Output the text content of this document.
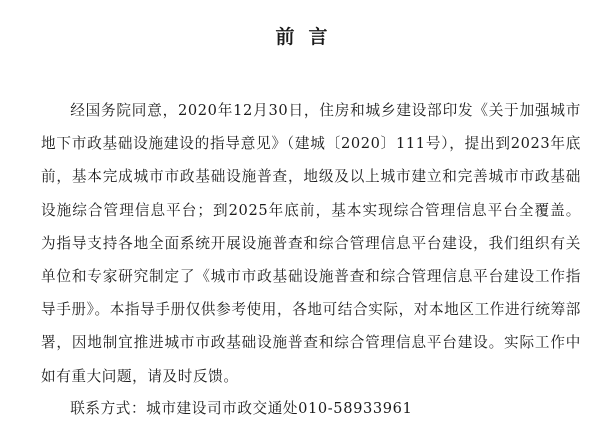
前言

经国务院同意，2020年12月30日，住房和城乡建设部印发《关于加强城市地下市政基础设施建设的指导意见》（建城〔2020〕111号），提出到2023年底前，基本完成城市市政基础设施普查，地级及以上城市建立和完善城市市政基础设施综合管理信息平台；到2025年底前，基本实现综合管理信息平台全覆盖。为指导支持各地全面系统开展设施普查和综合管理信息平台建设，我们组织有关单位和专家研究制定了《城市市政基础设施普查和综合管理信息平台建设工作指导手册》。本指导手册仅供参考使用，各地可结合实际，对本地区工作进行统筹部署，因地制宜推进城市市政基础设施普查和综合管理信息平台建设。实际工作中如有重大问题，请及时反馈。

联系方式：城市建设司市政交通处010-58933961
